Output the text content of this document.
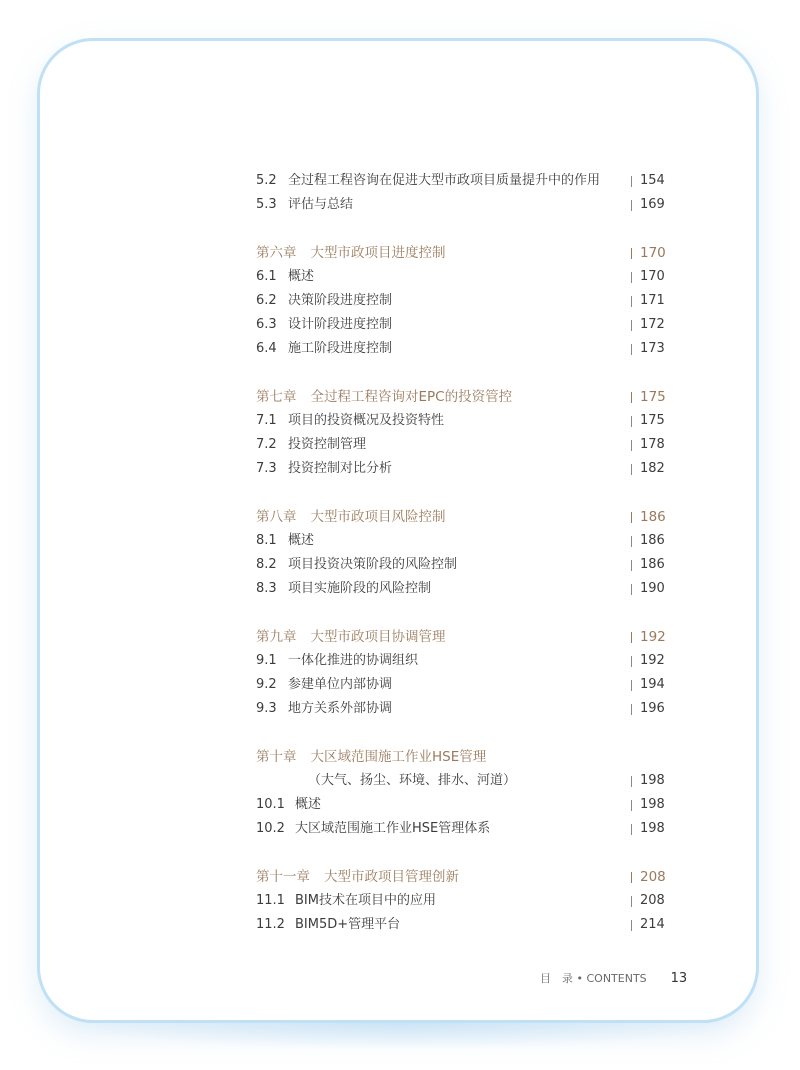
5.2 全过程工程咨询在促进大型市政项目质量提升中的作用	154
5.3 评估与总结	169
第六章 大型市政项目进度控制	170
6.1 概述	170
6.2 决策阶段进度控制	171
6.3 设计阶段进度控制	172
6.4 施工阶段进度控制	173
第七章 全过程工程咨询对EPC的投资管控	175
7.1 项目的投资概况及投资特性	175
7.2 投资控制管理	178
7.3 投资控制对比分析	182
第八章 大型市政项目风险控制	186
8.1 概述	186
8.2 项目投资决策阶段的风险控制	186
8.3 项目实施阶段的风险控制	190
第九章 大型市政项目协调管理	192
9.1 一体化推进的协调组织	192
9.2 参建单位内部协调	194
9.3 地方关系外部协调	196
第十章 大区域范围施工作业HSE管理
（大气、扬尘、环境、排水、河道）	198
10.1 概述	198
10.2 大区域范围施工作业HSE管理体系	198
第十一章 大型市政项目管理创新	208
11.1 BIM技术在项目中的应用	208
11.2 BIM5D+管理平台	214
目　录 • CONTENTS 13
